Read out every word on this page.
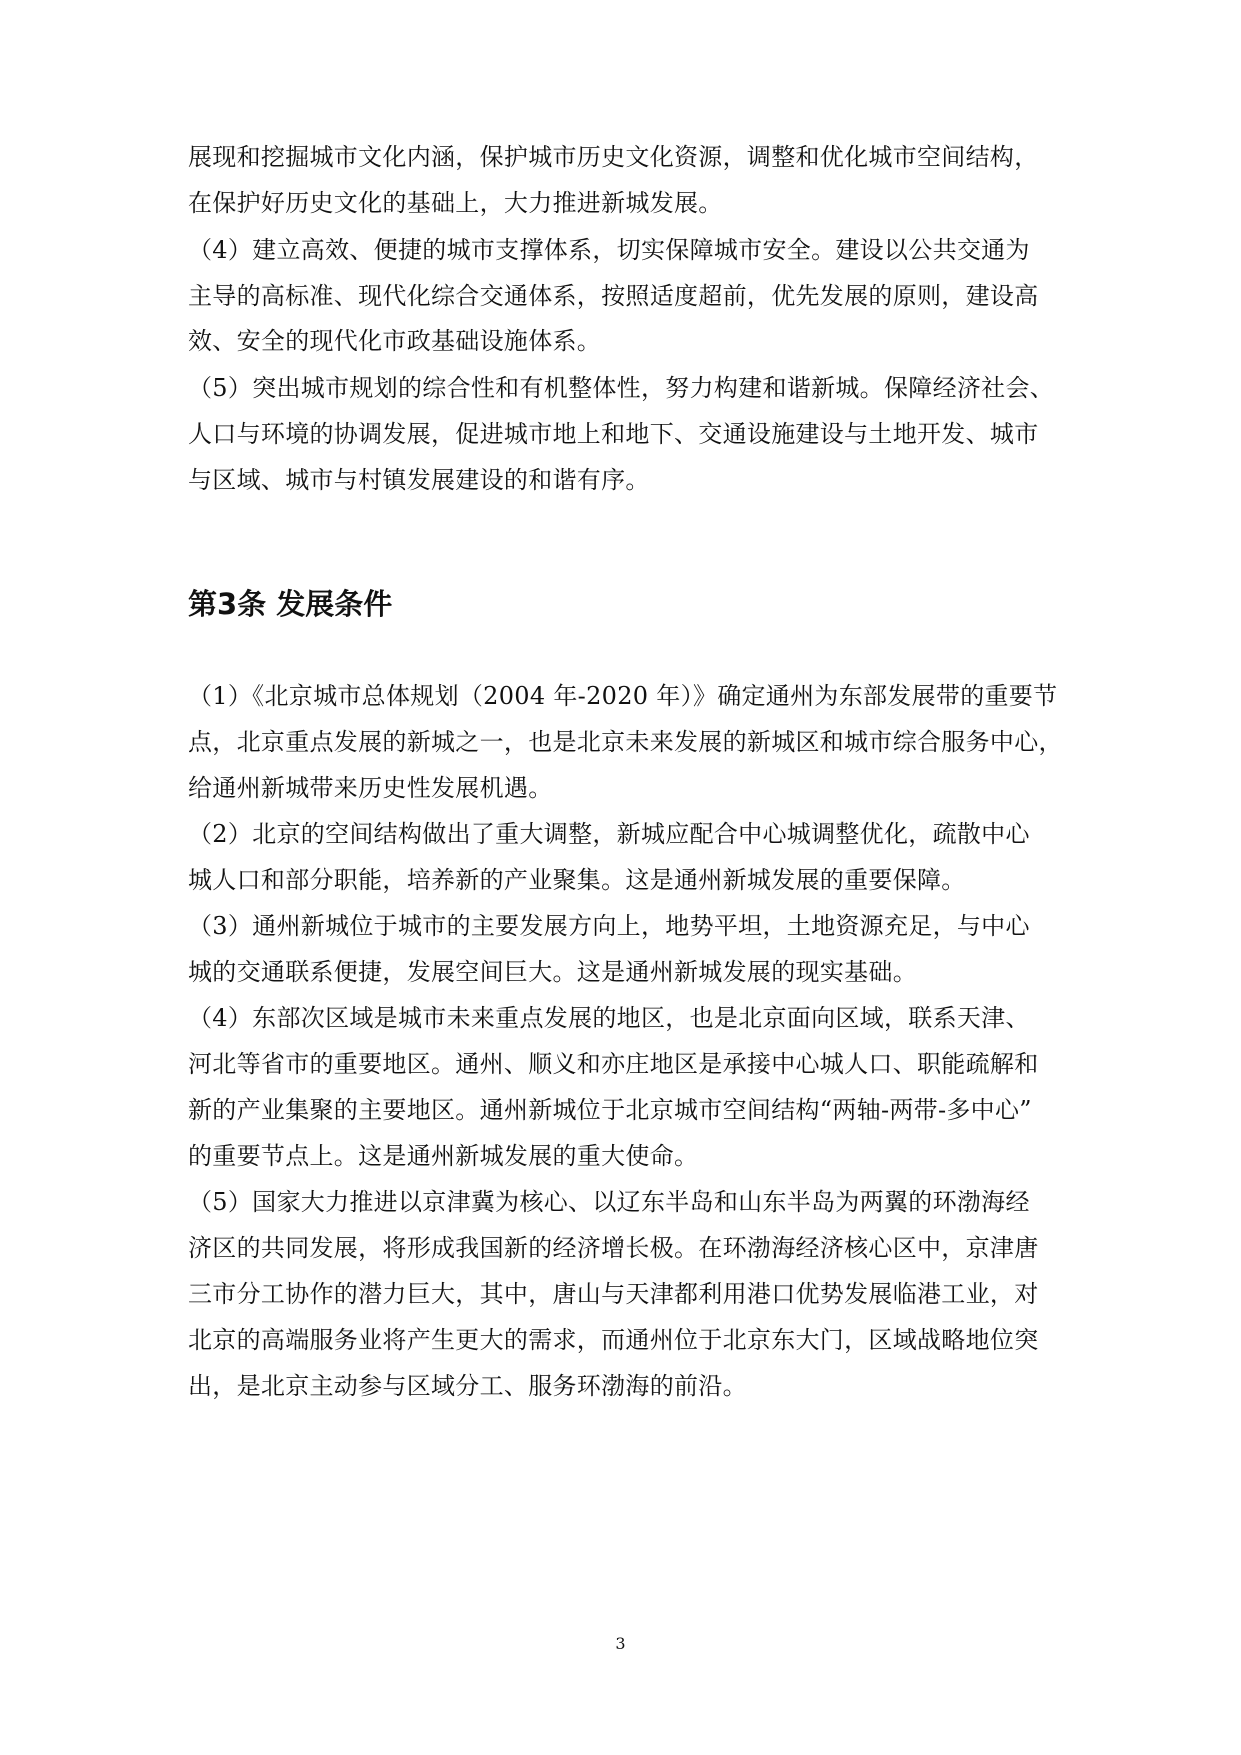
展现和挖掘城市文化内涵，保护城市历史文化资源，调整和优化城市空间结构，
在保护好历史文化的基础上，大力推进新城发展。
（4）建立高效、便捷的城市支撑体系，切实保障城市安全。建设以公共交通为
主导的高标准、现代化综合交通体系，按照适度超前，优先发展的原则，建设高
效、安全的现代化市政基础设施体系。
（5）突出城市规划的综合性和有机整体性，努力构建和谐新城。保障经济社会、
人口与环境的协调发展，促进城市地上和地下、交通设施建设与土地开发、城市
与区域、城市与村镇发展建设的和谐有序。
第3条 发展条件
（1）《北京城市总体规划（2004 年-2020 年）》确定通州为东部发展带的重要节
点，北京重点发展的新城之一，也是北京未来发展的新城区和城市综合服务中心，
给通州新城带来历史性发展机遇。
（2）北京的空间结构做出了重大调整，新城应配合中心城调整优化，疏散中心
城人口和部分职能，培养新的产业聚集。这是通州新城发展的重要保障。
（3）通州新城位于城市的主要发展方向上，地势平坦，土地资源充足，与中心
城的交通联系便捷，发展空间巨大。这是通州新城发展的现实基础。
（4）东部次区域是城市未来重点发展的地区，也是北京面向区域，联系天津、
河北等省市的重要地区。通州、顺义和亦庄地区是承接中心城人口、职能疏解和
新的产业集聚的主要地区。通州新城位于北京城市空间结构“两轴-两带-多中心”
的重要节点上。这是通州新城发展的重大使命。
（5）国家大力推进以京津冀为核心、以辽东半岛和山东半岛为两翼的环渤海经
济区的共同发展，将形成我国新的经济增长极。在环渤海经济核心区中，京津唐
三市分工协作的潜力巨大，其中，唐山与天津都利用港口优势发展临港工业，对
北京的高端服务业将产生更大的需求，而通州位于北京东大门，区域战略地位突
出，是北京主动参与区域分工、服务环渤海的前沿。
3
